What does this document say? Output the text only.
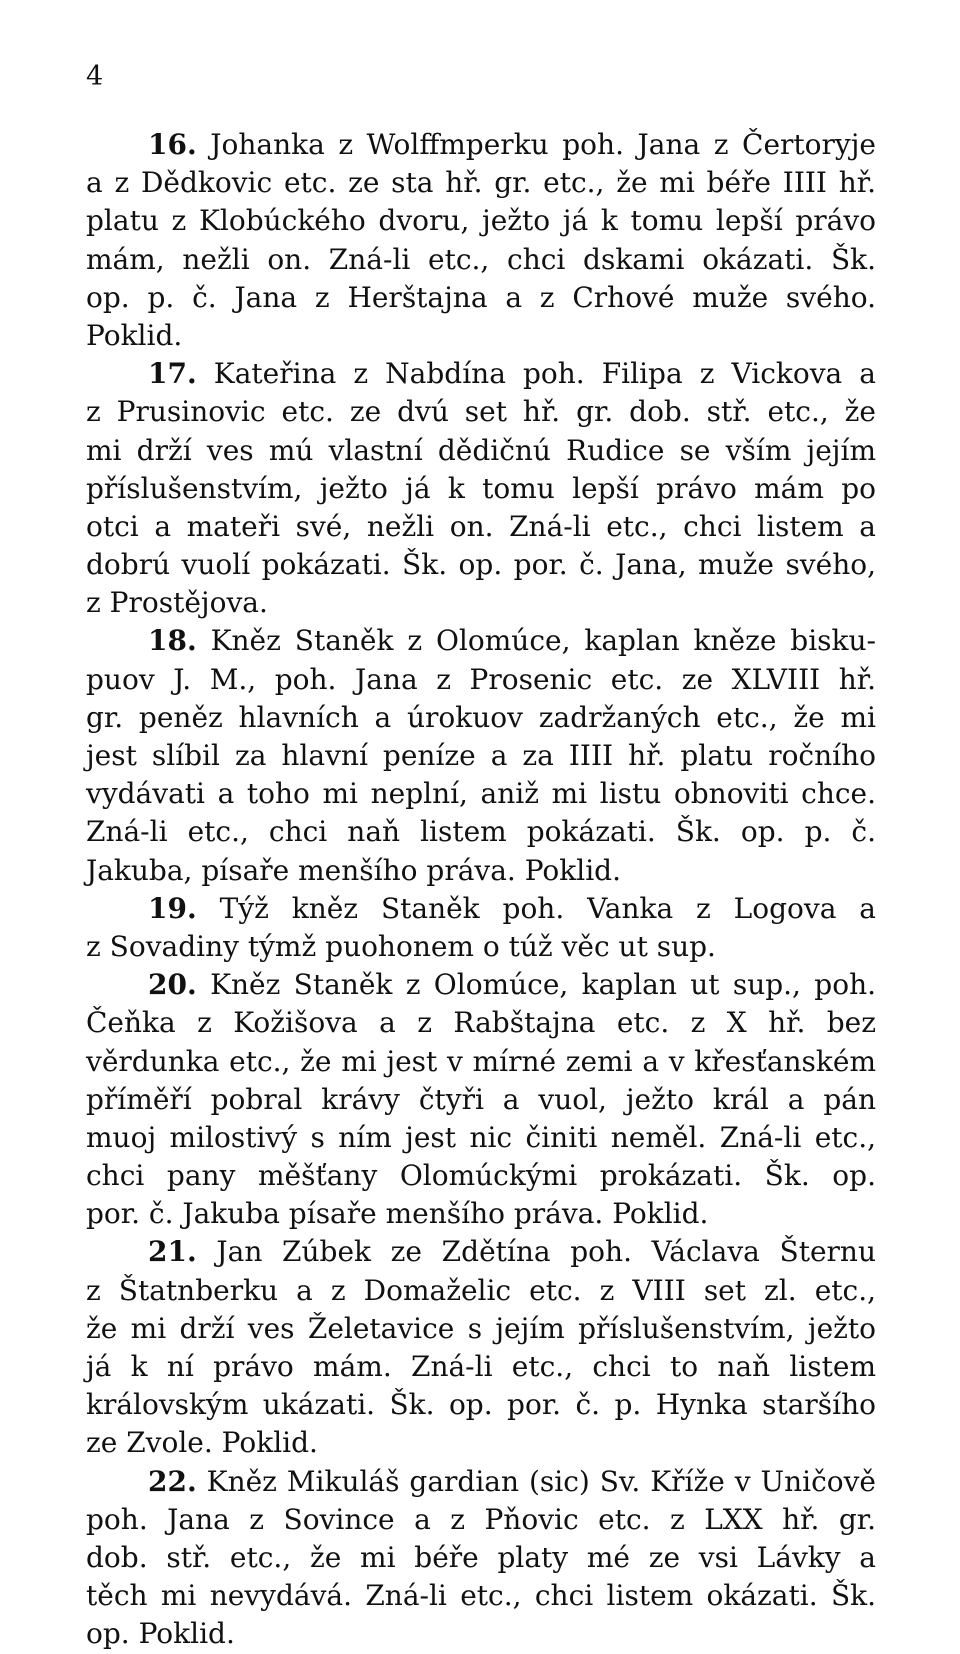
4
16. Johanka z Wolffmperku poh. Jana z Čertoryje
a z Dědkovic etc. ze sta hř. gr. etc., že mi béře IIII hř.
platu z Klobúckého dvoru, ježto já k tomu lepší právo
mám, nežli on. Zná-li etc., chci dskami okázati. Šk.
op. p. č. Jana z Herštajna a z Crhové muže svého.
Poklid.
17. Kateřina z Nabdína poh. Filipa z Vickova a
z Prusinovic etc. ze dvú set hř. gr. dob. stř. etc., že
mi drží ves mú vlastní dědičnú Rudice se vším jejím
příslušenstvím, ježto já k tomu lepší právo mám po
otci a mateři své, nežli on. Zná-li etc., chci listem a
dobrú vuolí pokázati. Šk. op. por. č. Jana, muže svého,
z Prostějova.
18. Kněz Staněk z Olomúce, kaplan kněze bisku-
puov J. M., poh. Jana z Prosenic etc. ze XLVIII hř.
gr. peněz hlavních a úrokuov zadržaných etc., že mi
jest slíbil za hlavní peníze a za IIII hř. platu ročního
vydávati a toho mi neplní, aniž mi listu obnoviti chce.
Zná-li etc., chci naň listem pokázati. Šk. op. p. č.
Jakuba, písaře menšího práva. Poklid.
19. Týž kněz Staněk poh. Vanka z Logova a
z Sovadiny týmž puohonem o túž věc ut sup.
20. Kněz Staněk z Olomúce, kaplan ut sup., poh.
Čeňka z Kožišova a z Rabštajna etc. z X hř. bez
věrdunka etc., že mi jest v mírné zemi a v křesťanském
příměří pobral krávy čtyři a vuol, ježto král a pán
muoj milostivý s ním jest nic činiti neměl. Zná-li etc.,
chci pany měšťany Olomúckými prokázati. Šk. op.
por. č. Jakuba písaře menšího práva. Poklid.
21. Jan Zúbek ze Zdětína poh. Václava Šternu
z Štatnberku a z Domaželic etc. z VIII set zl. etc.,
že mi drží ves Želetavice s jejím příslušenstvím, ježto
já k ní právo mám. Zná-li etc., chci to naň listem
královským ukázati. Šk. op. por. č. p. Hynka staršího
ze Zvole. Poklid.
22. Kněz Mikuláš gardian (sic) Sv. Kříže v Uničově
poh. Jana z Sovince a z Pňovic etc. z LXX hř. gr.
dob. stř. etc., že mi béře platy mé ze vsi Lávky a
těch mi nevydává. Zná-li etc., chci listem okázati. Šk.
op. Poklid.
